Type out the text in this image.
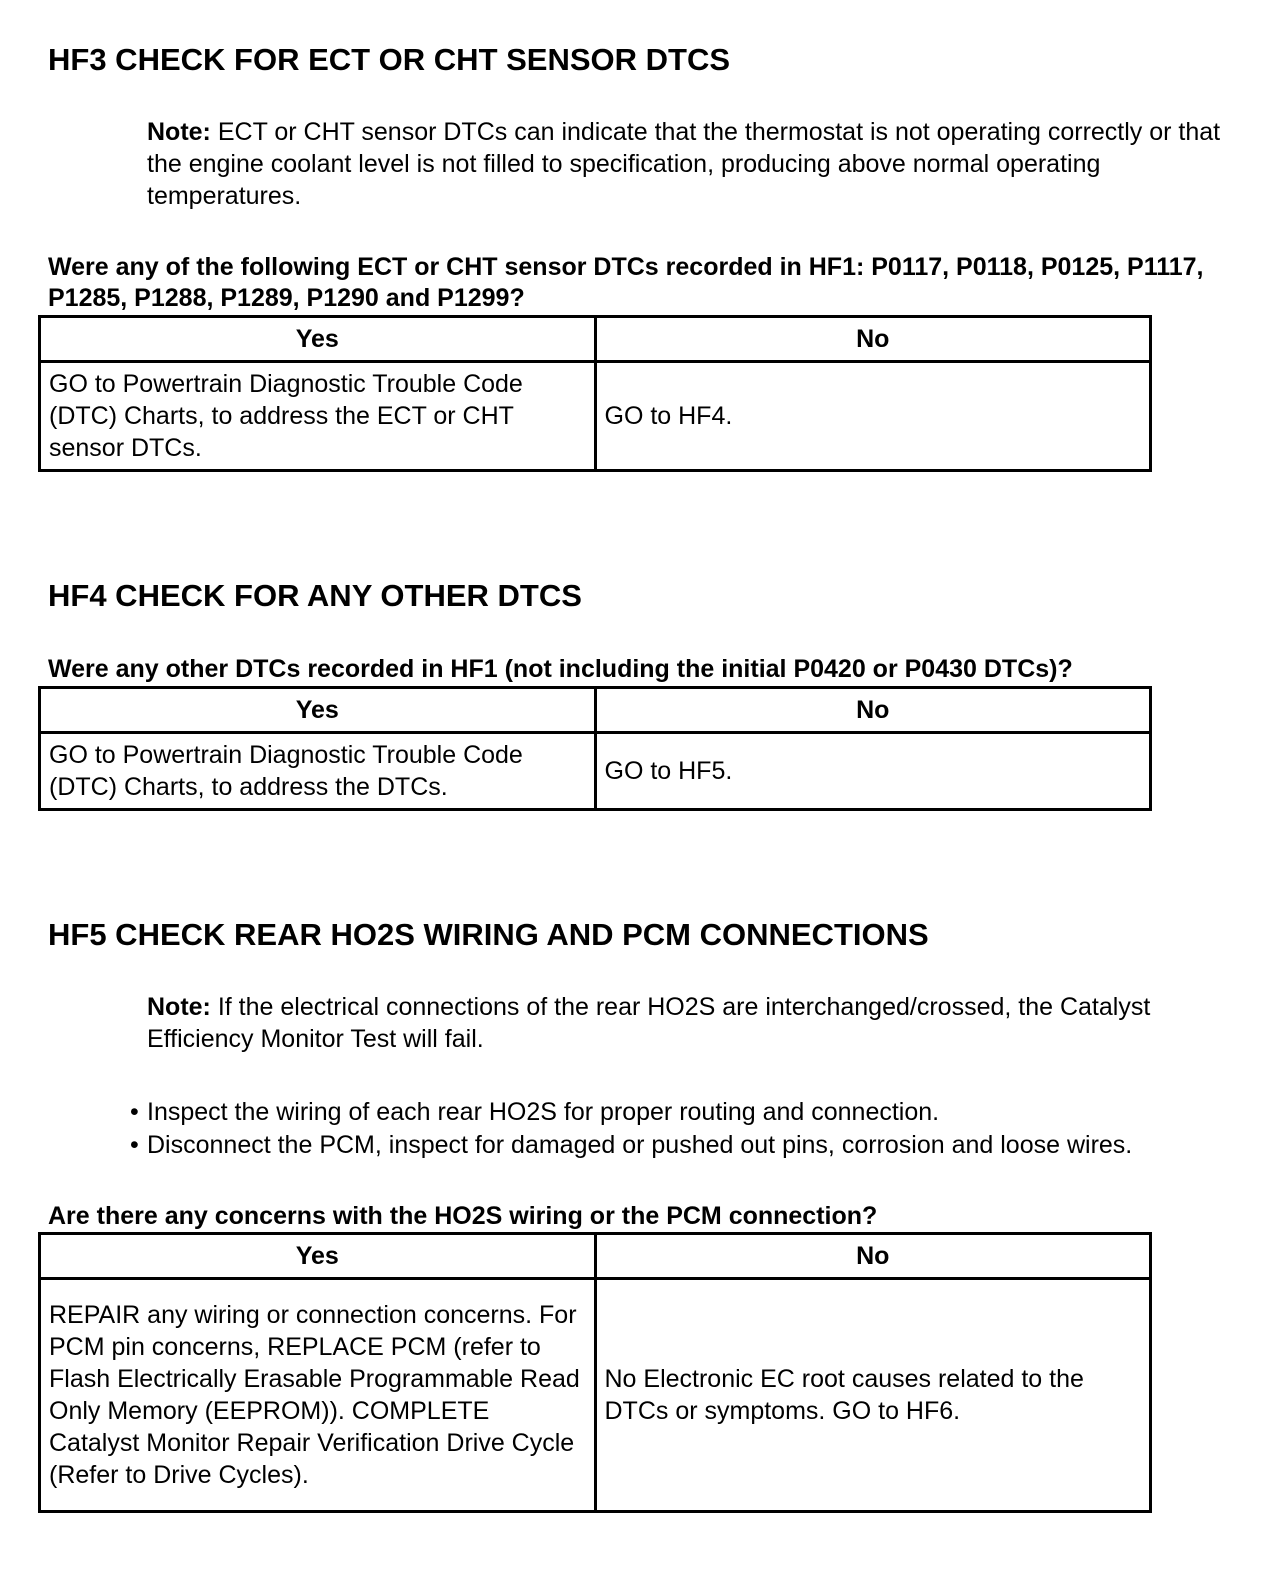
HF3 CHECK FOR ECT OR CHT SENSOR DTCS

Note: ECT or CHT sensor DTCs can indicate that the thermostat is not operating correctly or that the engine coolant level is not filled to specification, producing above normal operating temperatures.

Were any of the following ECT or CHT sensor DTCs recorded in HF1: P0117, P0118, P0125, P1117, P1285, P1288, P1289, P1290 and P1299?

Yes	No
GO to Powertrain Diagnostic Trouble Code (DTC) Charts, to address the ECT or CHT sensor DTCs.	GO to HF4.
HF4 CHECK FOR ANY OTHER DTCS

Were any other DTCs recorded in HF1 (not including the initial P0420 or P0430 DTCs)?

Yes	No
GO to Powertrain Diagnostic Trouble Code (DTC) Charts, to address the DTCs.	GO to HF5.
HF5 CHECK REAR HO2S WIRING AND PCM CONNECTIONS

Note: If the electrical connections of the rear HO2S are interchanged/crossed, the Catalyst Efficiency Monitor Test will fail.

• Inspect the wiring of each rear HO2S for proper routing and connection.
• Disconnect the PCM, inspect for damaged or pushed out pins, corrosion and loose wires.

Are there any concerns with the HO2S wiring or the PCM connection?

Yes	No
REPAIR any wiring or connection concerns. For PCM pin concerns, REPLACE PCM (refer to Flash Electrically Erasable Programmable Read Only Memory (EEPROM)). COMPLETE Catalyst Monitor Repair Verification Drive Cycle (Refer to Drive Cycles).	No Electronic EC root causes related to the DTCs or symptoms. GO to HF6.
